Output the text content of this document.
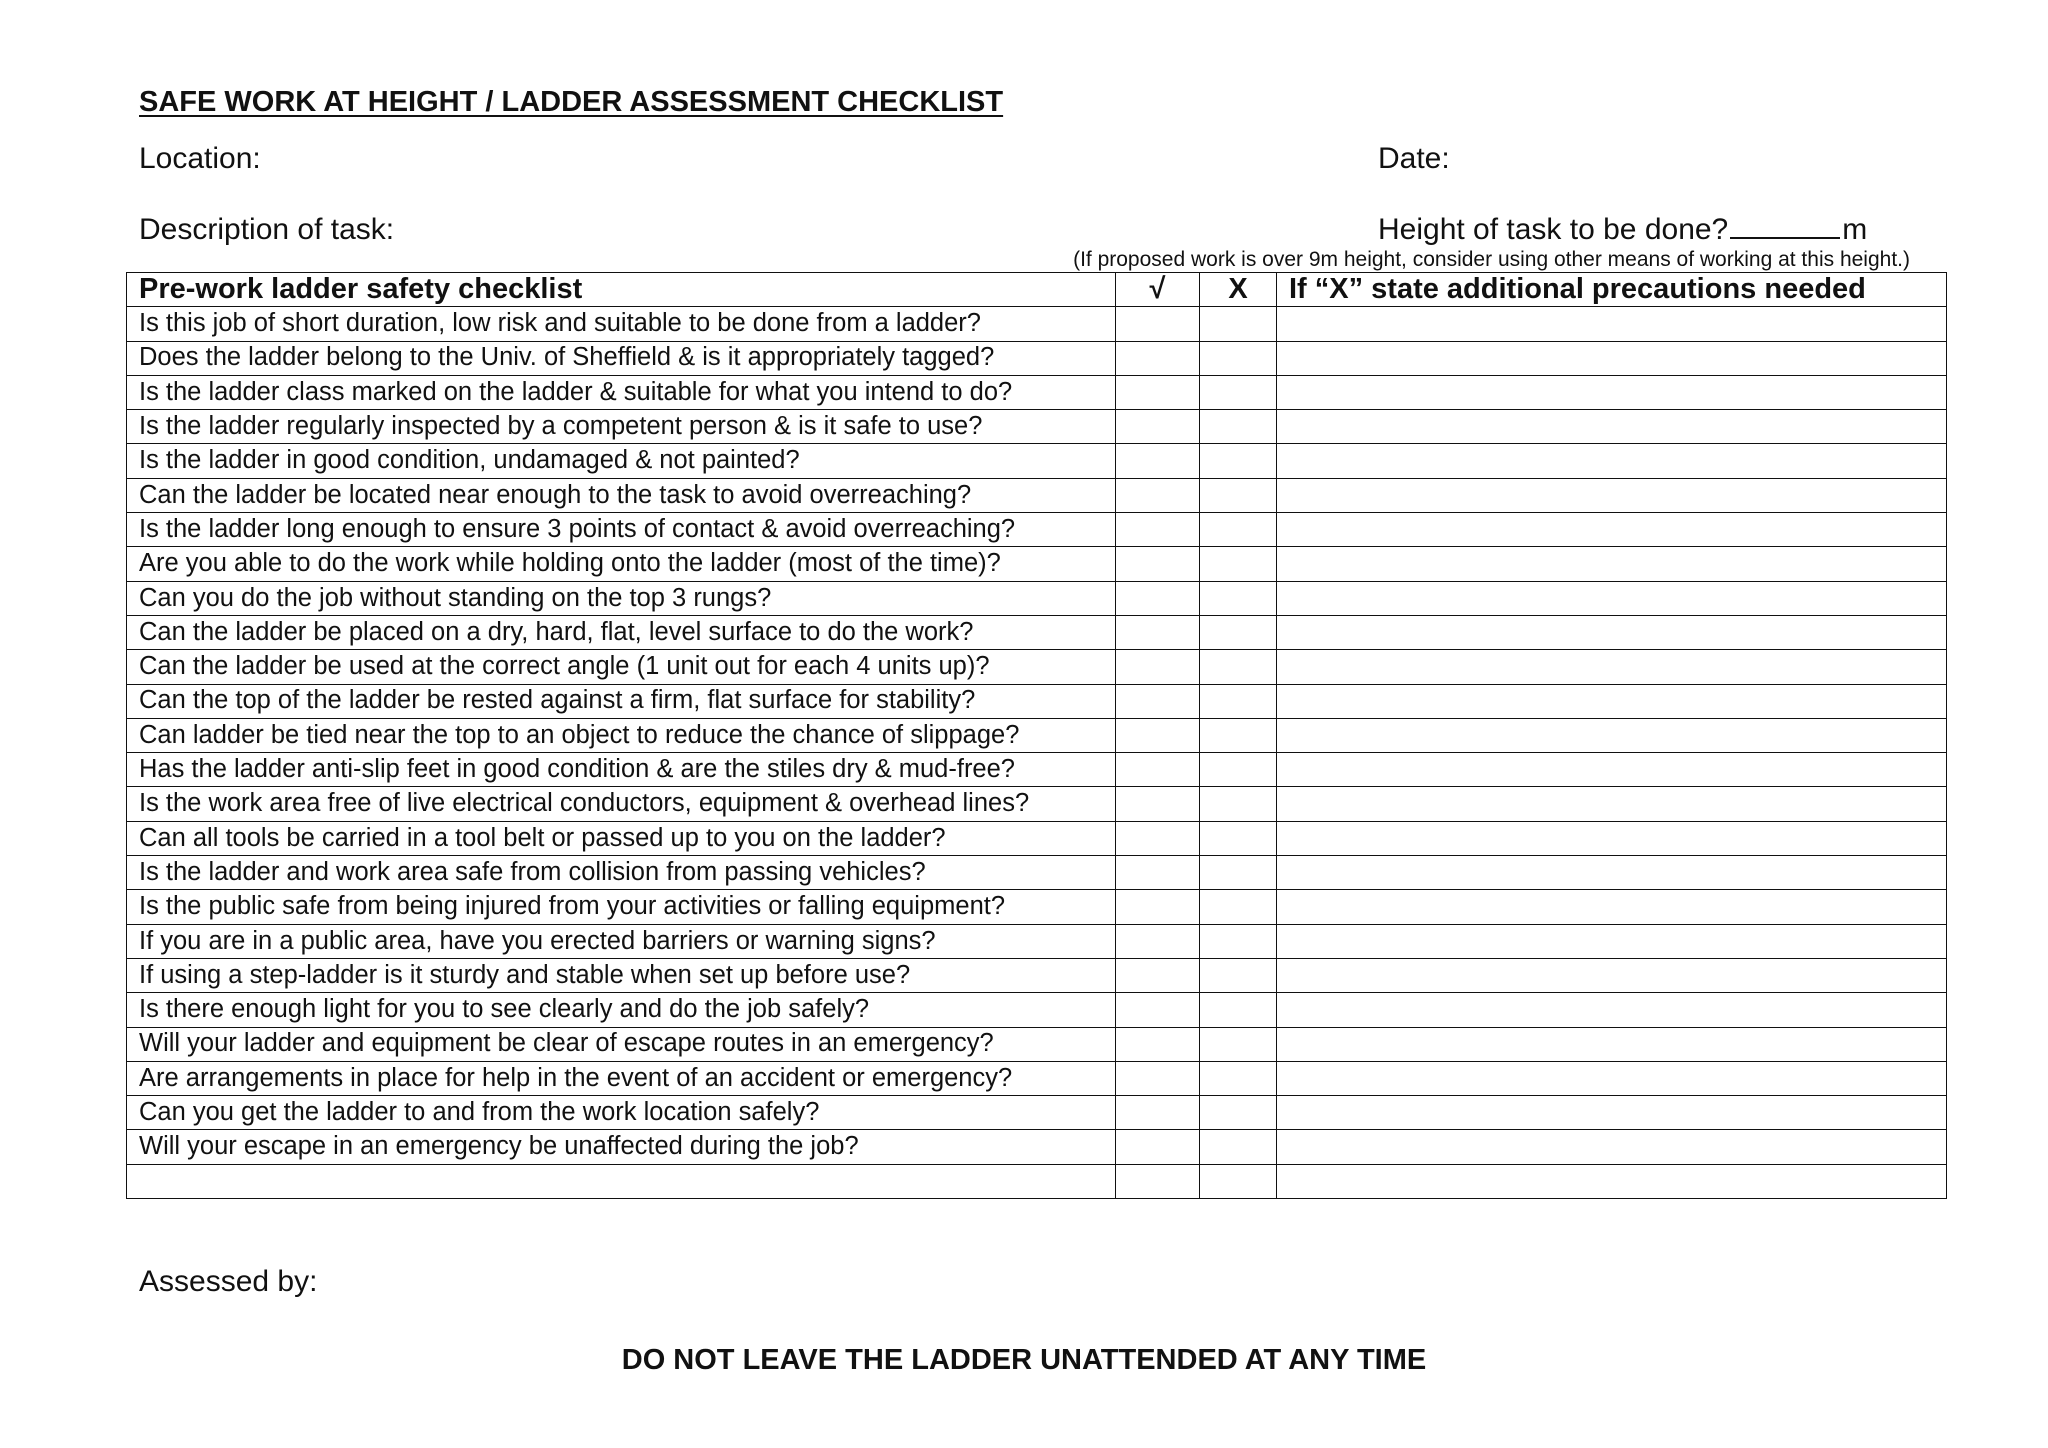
SAFE WORK AT HEIGHT / LADDER ASSESSMENT CHECKLIST
Location:	Date:
Description of task:	Height of task to be done?	m
(If proposed work is over 9m height, consider using other means of working at this height.)
Pre-work ladder safety checklist	√	X	If “X” state additional precautions needed
Is this job of short duration, low risk and suitable to be done from a ladder?			
Does the ladder belong to the Univ. of Sheffield & is it appropriately tagged?			
Is the ladder class marked on the ladder & suitable for what you intend to do?			
Is the ladder regularly inspected by a competent person & is it safe to use?			
Is the ladder in good condition, undamaged & not painted?			
Can the ladder be located near enough to the task to avoid overreaching?			
Is the ladder long enough to ensure 3 points of contact & avoid overreaching?			
Are you able to do the work while holding onto the ladder (most of the time)?			
Can you do the job without standing on the top 3 rungs?			
Can the ladder be placed on a dry, hard, flat, level surface to do the work?			
Can the ladder be used at the correct angle (1 unit out for each 4 units up)?			
Can the top of the ladder be rested against a firm, flat surface for stability?			
Can ladder be tied near the top to an object to reduce the chance of slippage?			
Has the ladder anti-slip feet in good condition & are the stiles dry & mud-free?			
Is the work area free of live electrical conductors, equipment & overhead lines?			
Can all tools be carried in a tool belt or passed up to you on the ladder?			
Is the ladder and work area safe from collision from passing vehicles?			
Is the public safe from being injured from your activities or falling equipment?			
If you are in a public area, have you erected barriers or warning signs?			
If using a step-ladder is it sturdy and stable when set up before use?			
Is there enough light for you to see clearly and do the job safely?			
Will your ladder and equipment be clear of escape routes in an emergency?			
Are arrangements in place for help in the event of an accident or emergency?			
Can you get the ladder to and from the work location safely?			
Will your escape in an emergency be unaffected during the job?			

Assessed by:
DO NOT LEAVE THE LADDER UNATTENDED AT ANY TIME
